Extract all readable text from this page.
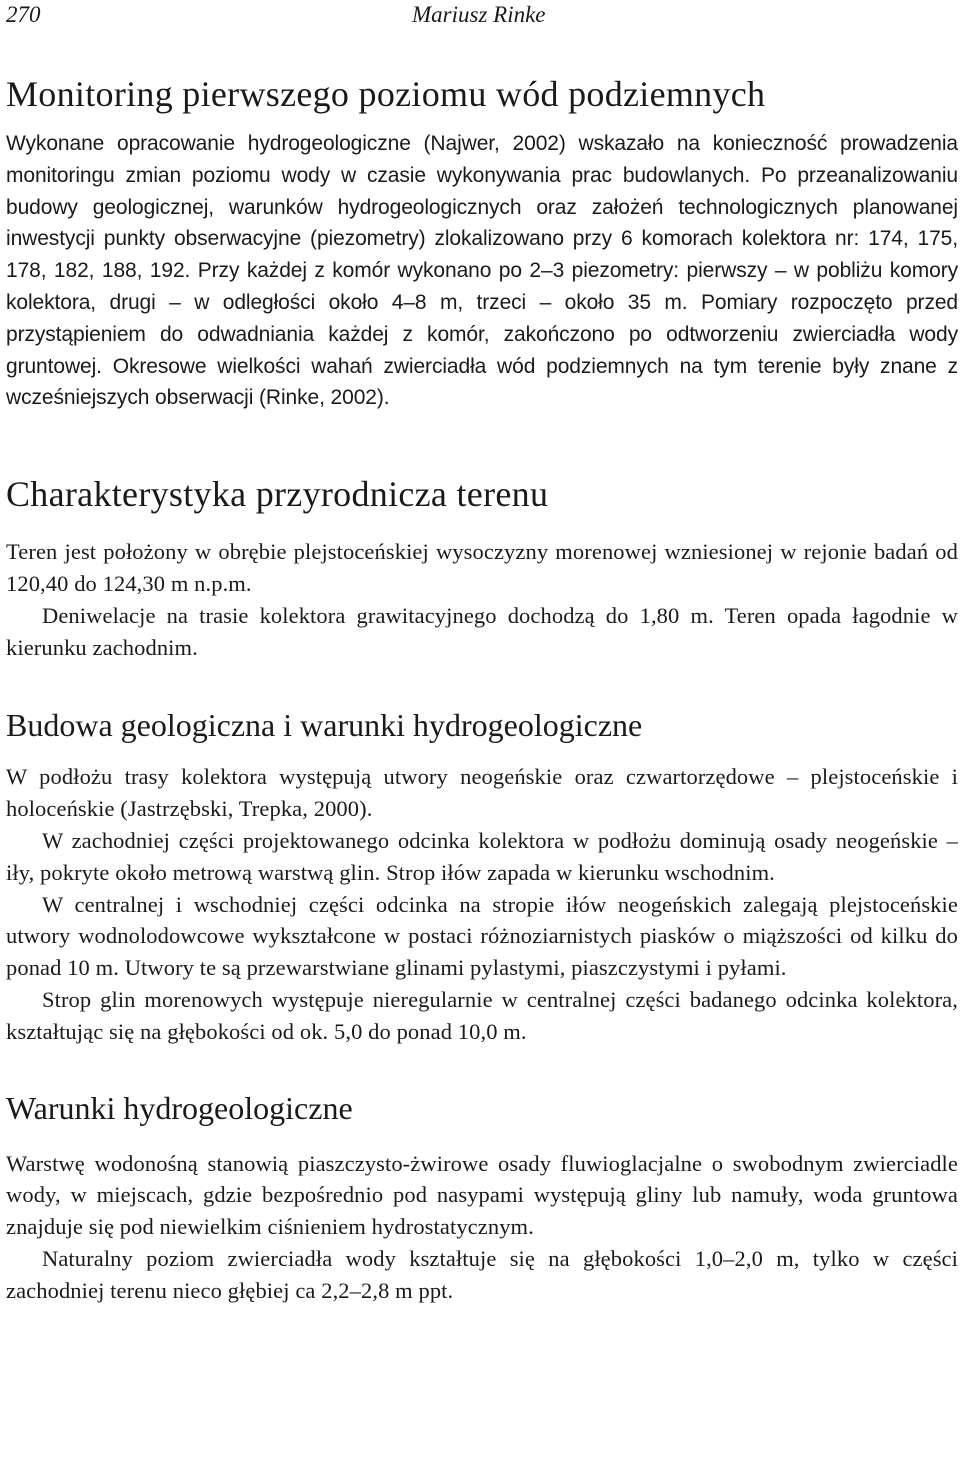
270	Mariusz Rinke
Monitoring pierwszego poziomu wód podziemnych

Wykonane opracowanie hydrogeologiczne (Najwer, 2002) wskazało na konieczność prowadzenia monitoringu zmian poziomu wody w czasie wykonywania prac budowlanych. Po przeanalizowaniu budowy geologicznej, warunków hydrogeologicznych oraz założeń technologicznych planowanej inwestycji punkty obserwacyjne (piezometry) zlokalizowano przy 6 komorach kolektora nr: 174, 175, 178, 182, 188, 192. Przy każdej z komór wykonano po 2–3 piezometry: pierwszy – w pobliżu komory kolektora, drugi – w odległości około 4–8 m, trzeci – około 35 m. Pomiary rozpoczęto przed przystąpieniem do odwadniania każdej z komór, zakończono po odtworzeniu zwierciadła wody gruntowej. Okresowe wielkości wahań zwierciadła wód podziemnych na tym terenie były znane z wcześniejszych obserwacji (Rinke, 2002).

Charakterystyka przyrodnicza terenu

Teren jest położony w obrębie plejstoceńskiej wysoczyzny morenowej wzniesionej w rejonie badań od 120,40 do 124,30 m n.p.m.

Deniwelacje na trasie kolektora grawitacyjnego dochodzą do 1,80 m. Teren opada łagodnie w kierunku zachodnim.

Budowa geologiczna i warunki hydrogeologiczne

W podłożu trasy kolektora występują utwory neogeńskie oraz czwartorzędowe – plejstoceńskie i holoceńskie (Jastrzębski, Trepka, 2000).

W zachodniej części projektowanego odcinka kolektora w podłożu dominują osady neogeńskie – iły, pokryte około metrową warstwą glin. Strop iłów zapada w kierunku wschodnim.

W centralnej i wschodniej części odcinka na stropie iłów neogeńskich zalegają plejstoceńskie utwory wodnolodowcowe wykształcone w postaci różnoziarnistych piasków o miąższości od kilku do ponad 10 m. Utwory te są przewarstwiane glinami pylastymi, piaszczystymi i pyłami.

Strop glin morenowych występuje nieregularnie w centralnej części badanego odcinka kolektora, kształtując się na głębokości od ok. 5,0 do ponad 10,0 m.

Warunki hydrogeologiczne

Warstwę wodonośną stanowią piaszczysto-żwirowe osady fluwioglacjalne o swobodnym zwierciadle wody, w miejscach, gdzie bezpośrednio pod nasypami występują gliny lub namuły, woda gruntowa znajduje się pod niewielkim ciśnieniem hydrostatycznym.

Naturalny poziom zwierciadła wody kształtuje się na głębokości 1,0–2,0 m, tylko w części zachodniej terenu nieco głębiej ca 2,2–2,8 m ppt.
